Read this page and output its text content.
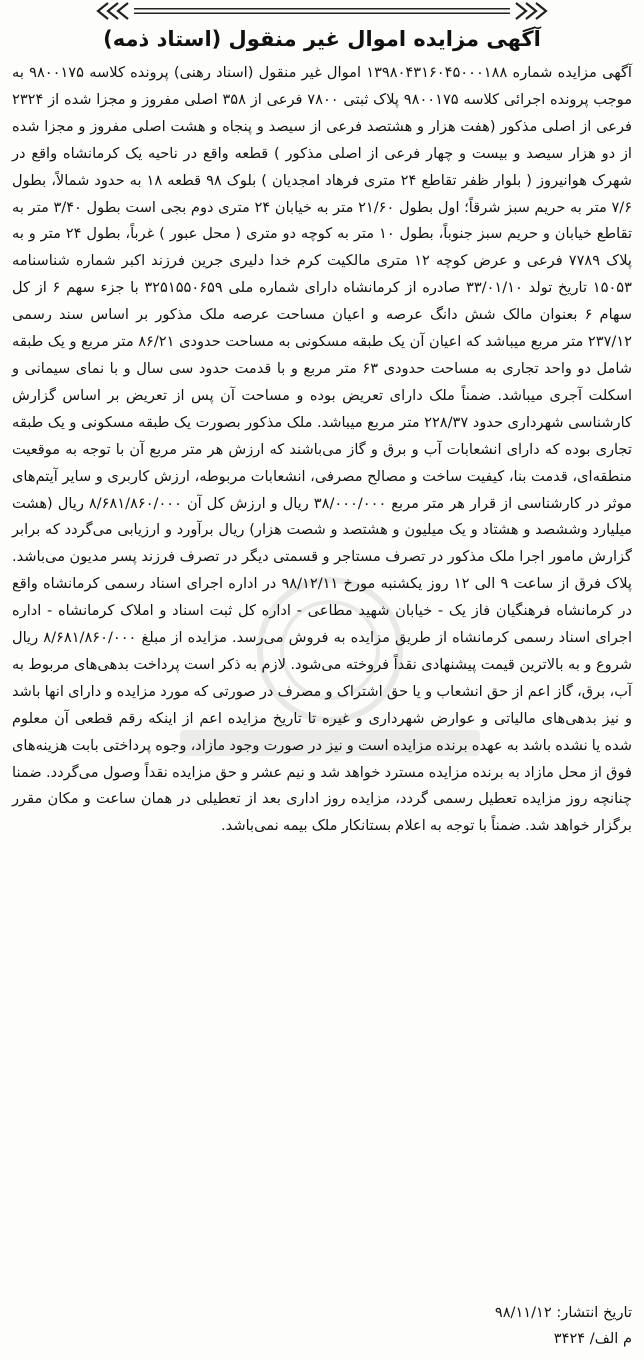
آگهی مزایده اموال غیر منقول (استاد ذمه)
آگهی مزایده شماره ۱۳۹۸۰۴۳۱۶۰۴۵۰۰۰۱۸۸ اموال غیر منقول (اسناد رهنی) پرونده کلاسه ۹۸۰۰۱۷۵ به موجب پرونده اجرائی کلاسه ۹۸۰۰۱۷۵ پلاک ثبتی ۷۸۰۰ فرعی از ۳۵۸ اصلی مفروز و مجزا شده از ۲۳۲۴ فرعی از اصلی مذکور (هفت هزار و هشتصد فرعی از سیصد و پنجاه و هشت اصلی مفروز و مجزا شده از دو هزار سیصد و بیست و چهار فرعی از اصلی مذکور ) قطعه واقع در ناحیه یک کرمانشاه واقع در شهرک هوانیروز ( بلوار ظفر تقاطع ۲۴ متری فرهاد امجدیان ) بلوک ۹۸ قطعه ۱۸ به حدود شمالاً، بطول ۷/۶ متر به حریم سبز شرقاً؛ اول بطول ۲۱/۶۰ متر به خیابان ۲۴ متری دوم بجی است بطول ۳/۴۰ متر به تقاطع خیابان و حریم سبز جنوباً، بطول ۱۰ متر به کوچه دو متری ( محل عبور ) غرباً، بطول ۲۴ متر و به پلاک ۷۷۸۹ فرعی و عرض کوچه ۱۲ متری مالکیت کرم خدا دلیری جرین فرزند اکبر شماره شناسنامه ۱۵۰۵۳ تاریخ تولد ۳۳/۰۱/۱۰ صادره از کرمانشاه دارای شماره ملی ۳۲۵۱۵۵۰۶۵۹ با جزء سهم ۶ از کل سهام ۶ بعنوان مالک شش دانگ عرصه و اعیان مساحت عرصه ملک مذکور بر اساس سند رسمی ۲۳۷/۱۲ متر مربع میباشد که اعیان آن یک طبقه مسکونی به مساحت حدودی ۸۶/۲۱ متر مربع و یک طبقه شامل دو واحد تجاری به مساحت حدودی ۶۳ متر مربع و با قدمت حدود سی سال و با نمای سیمانی و اسکلت آجری میباشد. ضمناً ملک دارای تعریض بوده و مساحت آن پس از تعریض بر اساس گزارش کارشناسی شهرداری حدود ۲۲۸/۳۷ متر مربع میباشد. ملک مذکور بصورت یک طبقه مسکونی و یک طبقه تجاری بوده که دارای انشعابات آب و برق و گاز می‌باشند که ارزش هر متر مربع آن با توجه به موقعیت منطقه‌ای، قدمت بنا، کیفیت ساخت و مصالح مصرفی، انشعابات مربوطه، ارزش کاربری و سایر آیتم‌های موثر در کارشناسی از قرار هر متر مربع ۳۸/۰۰۰/۰۰۰ ریال و ارزش کل آن ۸/۶۸۱/۸۶۰/۰۰۰ ریال (هشت میلیارد وششصد و هشتاد و یک میلیون و هشتصد و شصت هزار) ریال برآورد و ارزیابی می‌گردد که برابر گزارش مامور اجرا ملک مذکور در تصرف مستاجر و قسمتی دیگر در تصرف فرزند پسر مدیون می‌باشد. پلاک فرق از ساعت ۹ الی ۱۲ روز یکشنبه مورخ ۹۸/۱۲/۱۱ در اداره اجرای اسناد رسمی کرمانشاه واقع در کرمانشاه فرهنگیان فاز یک - خیابان شهید مطاعی - اداره کل ثبت اسناد و املاک کرمانشاه - اداره اجرای اسناد رسمی کرمانشاه از طریق مزایده به فروش می‌رسد. مزایده از مبلغ ۸/۶۸۱/۸۶۰/۰۰۰ ریال شروع و به بالاترین قیمت پیشنهادی نقداً فروخته می‌شود. لازم به ذکر است پرداخت بدهی‌های مربوط به آب، برق، گاز اعم از حق انشعاب و یا حق اشتراک و مصرف در صورتی که مورد مزایده و دارای انها باشد و نیز بدهی‌های مالیاتی و عوارض شهرداری و غیره تا تاریخ مزایده اعم از اینکه رقم قطعی آن معلوم شده یا نشده باشد به عهده برنده مزایده است و نیز در صورت وجود مازاد، وجوه پرداختی بابت هزینه‌های فوق از محل مازاد به برنده مزایده مسترد خواهد شد و نیم عشر و حق مزایده نقداً وصول می‌گردد. ضمنا چنانچه روز مزایده تعطیل رسمی گردد، مزایده روز اداری بعد از تعطیلی در همان ساعت و مکان مقرر برگزار خواهد شد. ضمناً با توجه به اعلام بستانکار ملک بیمه نمی‌باشد.
تاریخ انتشار: ۹۸/۱۱/۱۲
م الف/ ۳۴۲۴
